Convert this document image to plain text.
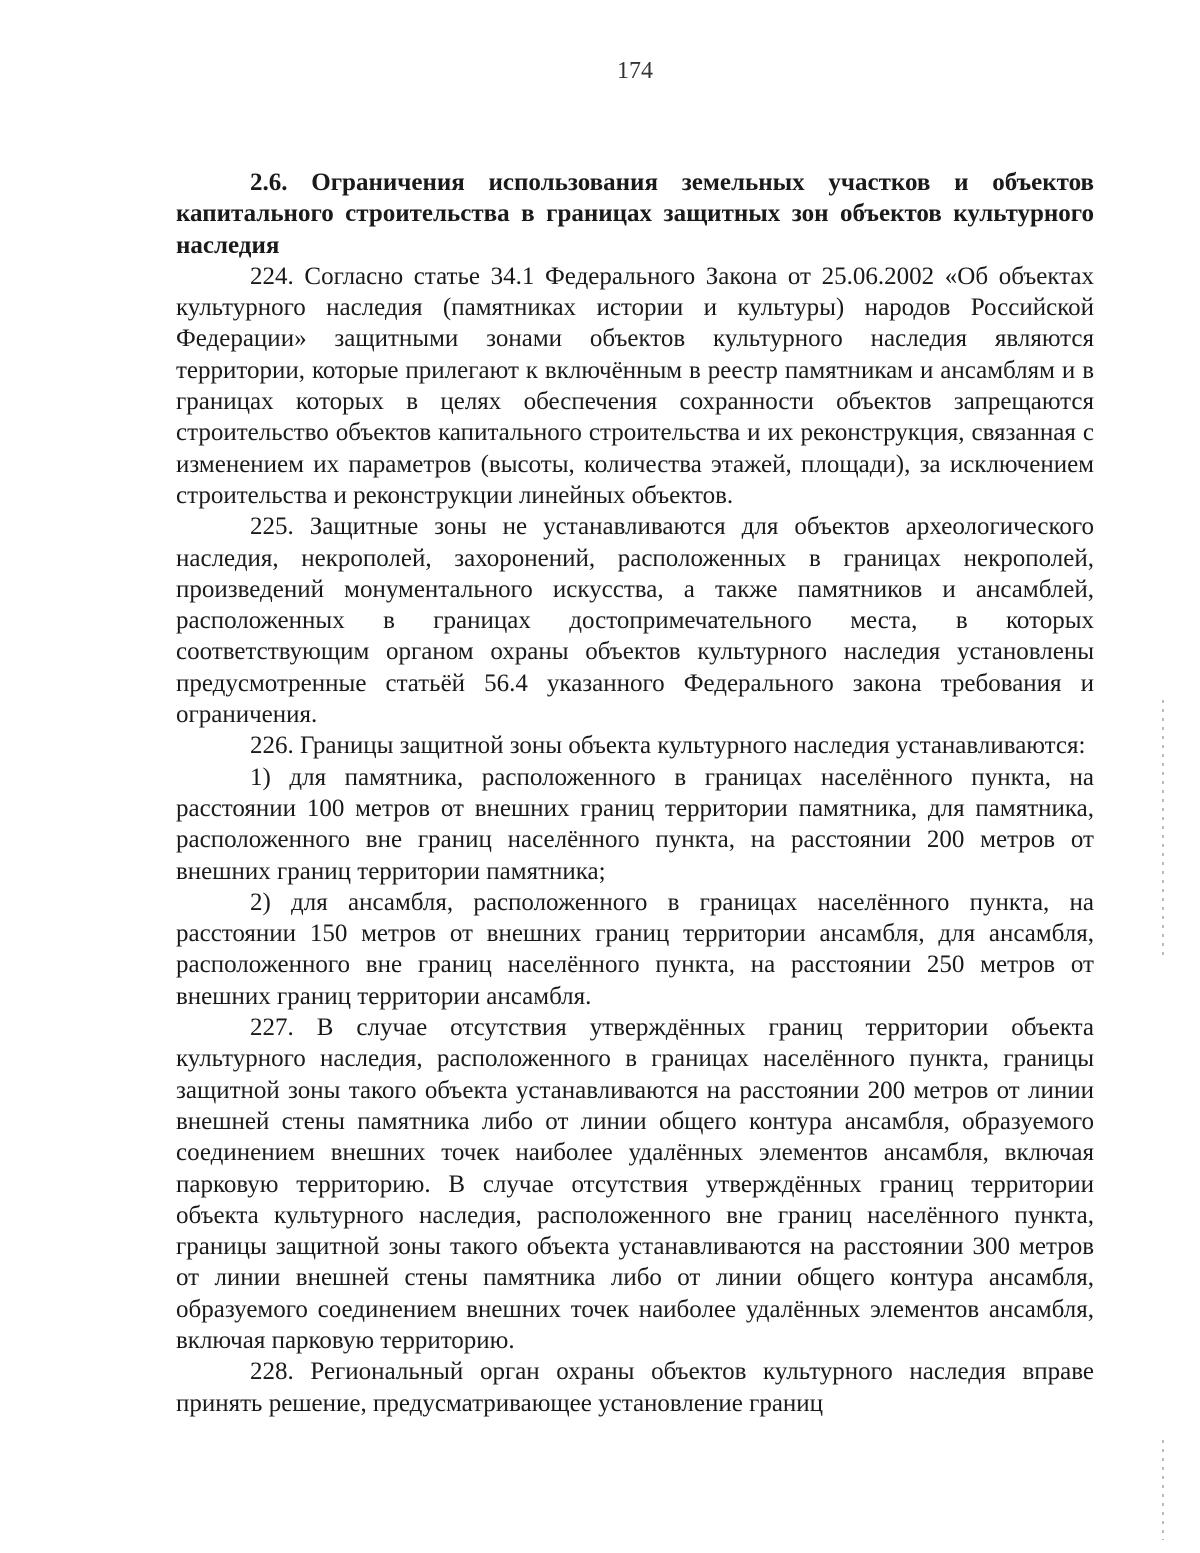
174

2.6. Ограничения использования земельных участков и объектов капитального строительства в границах защитных зон объектов культурного наследия

224. Согласно статье 34.1 Федерального Закона от 25.06.2002 «Об объектах культурного наследия (памятниках истории и культуры) народов Российской Федерации» защитными зонами объектов культурного наследия являются территории, которые прилегают к включённым в реестр памятникам и ансамблям и в границах которых в целях обеспечения сохранности объектов запрещаются строительство объектов капитального строительства и их реконструкция, связанная с изменением их параметров (высоты, количества этажей, площади), за исключением строительства и реконструкции линейных объектов.

225. Защитные зоны не устанавливаются для объектов археологического наследия, некрополей, захоронений, расположенных в границах некрополей, произведений монументального искусства, а также памятников и ансамблей, расположенных в границах достопримечательного места, в которых соответствующим органом охраны объектов культурного наследия установлены предусмотренные статьёй 56.4 указанного Федерального закона требования и ограничения.

226. Границы защитной зоны объекта культурного наследия устанавливаются:

1) для памятника, расположенного в границах населённого пункта, на расстоянии 100 метров от внешних границ территории памятника, для памятника, расположенного вне границ населённого пункта, на расстоянии 200 метров от внешних границ территории памятника;

2) для ансамбля, расположенного в границах населённого пункта, на расстоянии 150 метров от внешних границ территории ансамбля, для ансамбля, расположенного вне границ населённого пункта, на расстоянии 250 метров от внешних границ территории ансамбля.

227. В случае отсутствия утверждённых границ территории объекта культурного наследия, расположенного в границах населённого пункта, границы защитной зоны такого объекта устанавливаются на расстоянии 200 метров от линии внешней стены памятника либо от линии общего контура ансамбля, образуемого соединением внешних точек наиболее удалённых элементов ансамбля, включая парковую территорию. В случае отсутствия утверждённых границ территории объекта культурного наследия, расположенного вне границ населённого пункта, границы защитной зоны такого объекта устанавливаются на расстоянии 300 метров от линии внешней стены памятника либо от линии общего контура ансамбля, образуемого соединением внешних точек наиболее удалённых элементов ансамбля, включая парковую территорию.

228. Региональный орган охраны объектов культурного наследия вправе принять решение, предусматривающее установление границ
